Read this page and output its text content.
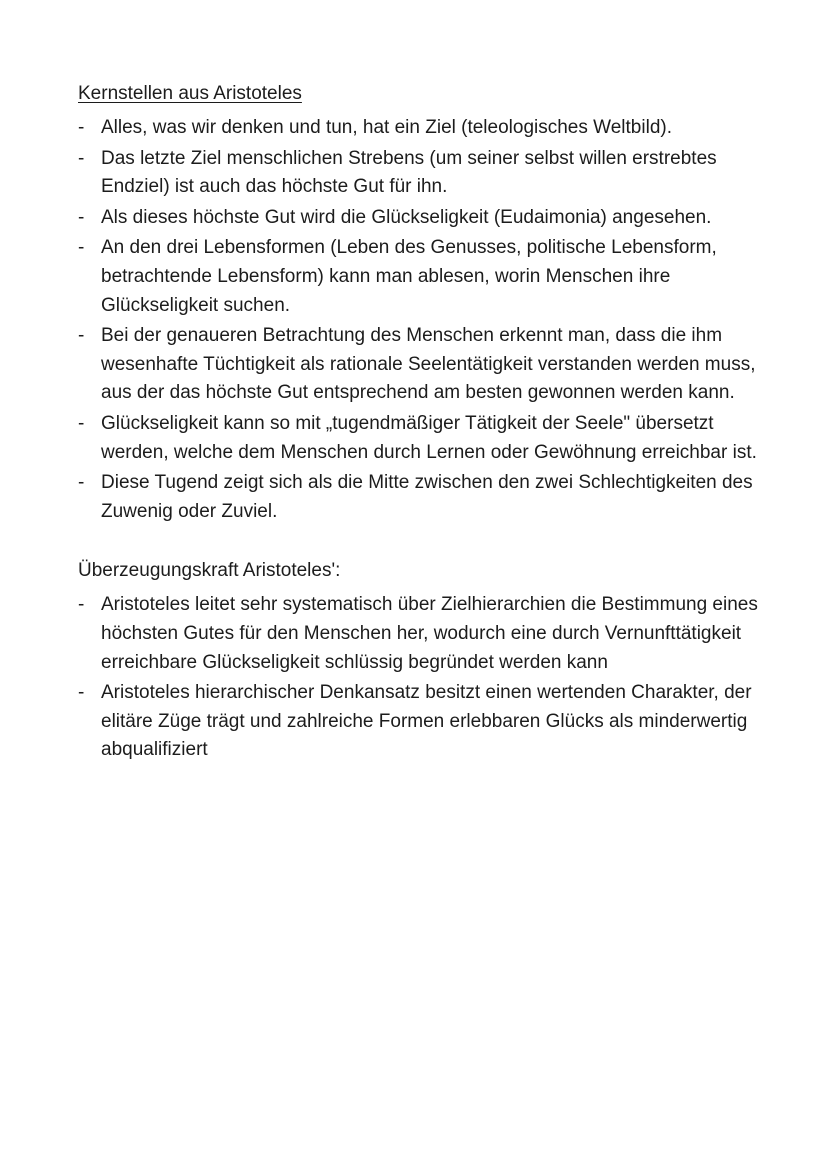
Kernstellen aus Aristoteles
- Alles, was wir denken und tun, hat ein Ziel (teleologisches Weltbild).
- Das letzte Ziel menschlichen Strebens (um seiner selbst willen erstrebtes Endziel) ist auch das höchste Gut für ihn.
- Als dieses höchste Gut wird die Glückseligkeit (Eudaimonia) angesehen.
- An den drei Lebensformen (Leben des Genusses, politische Lebensform, betrachtende Lebensform) kann man ablesen, worin Menschen ihre Glückseligkeit suchen.
- Bei der genaueren Betrachtung des Menschen erkennt man, dass die ihm wesenhafte Tüchtigkeit als rationale Seelentätigkeit verstanden werden muss, aus der das höchste Gut entsprechend am besten gewonnen werden kann.
- Glückseligkeit kann so mit „tugendmäßiger Tätigkeit der Seele" übersetzt werden, welche dem Menschen durch Lernen oder Gewöhnung erreichbar ist.
- Diese Tugend zeigt sich als die Mitte zwischen den zwei Schlechtigkeiten des Zuwenig oder Zuviel.
Überzeugungskraft Aristoteles':
- Aristoteles leitet sehr systematisch über Zielhierarchien die Bestimmung eines höchsten Gutes für den Menschen her, wodurch eine durch Vernunfttätigkeit erreichbare Glückseligkeit schlüssig begründet werden kann
- Aristoteles hierarchischer Denkansatz besitzt einen wertenden Charakter, der elitäre Züge trägt und zahlreiche Formen erlebbaren Glücks als minderwertig abqualifiziert
